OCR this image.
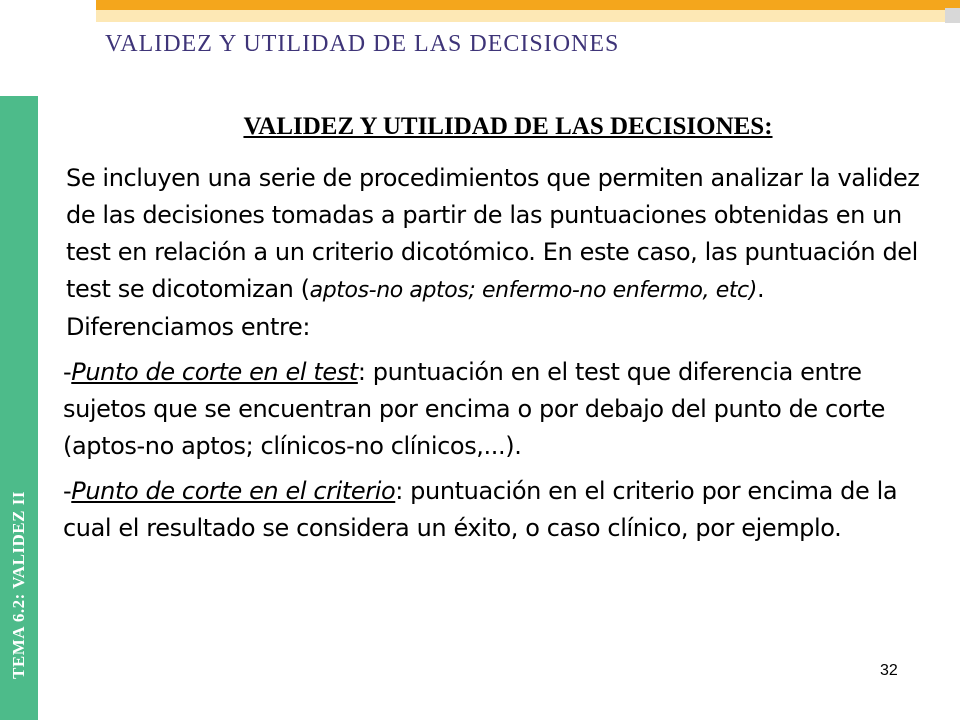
TEMA 6.2: VALIDEZ II
VALIDEZ Y UTILIDAD DE LAS DECISIONES
VALIDEZ Y UTILIDAD DE LAS DECISIONES:

Se incluyen una serie de procedimientos que permiten analizar la validez de las decisiones tomadas a partir de las puntuaciones obtenidas en un test en relación a un criterio dicotómico. En este caso, las puntuación del test se dicotomizan (aptos-no aptos; enfermo-no enfermo, etc).
Diferenciamos entre:

-Punto de corte en el test: puntuación en el test que diferencia entre sujetos que se encuentran por encima o por debajo del punto de corte (aptos-no aptos; clínicos-no clínicos,...).

-Punto de corte en el criterio: puntuación en el criterio por encima de la cual el resultado se considera un éxito, o caso clínico, por ejemplo.

32
